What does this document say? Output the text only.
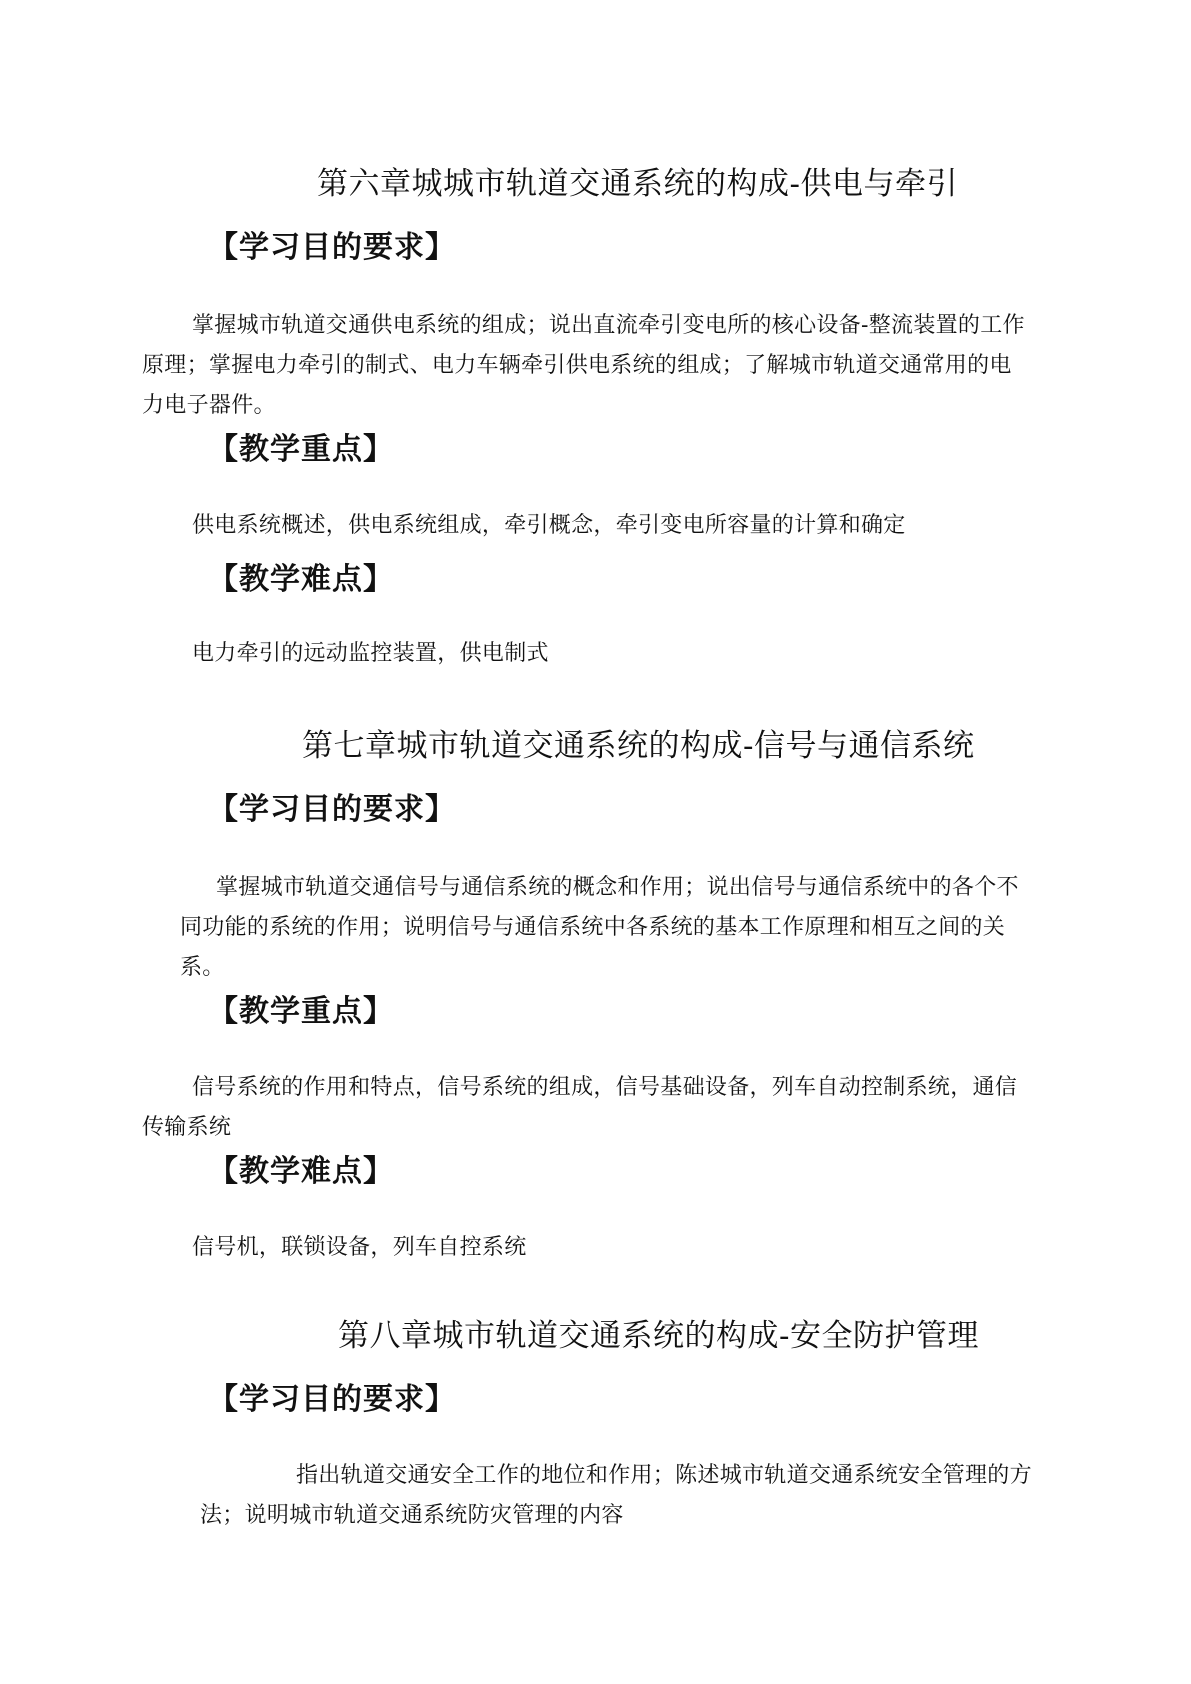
第六章城城市轨道交通系统的构成-供电与牵引
【学习目的要求】
掌握城市轨道交通供电系统的组成；说出直流牵引变电所的核心设备-整流装置的工作
原理；掌握电力牵引的制式、电力车辆牵引供电系统的组成；了解城市轨道交通常用的电
力电子器件。
【教学重点】
供电系统概述，供电系统组成，牵引概念，牵引变电所容量的计算和确定
【教学难点】
电力牵引的远动监控装置，供电制式
第七章城市轨道交通系统的构成-信号与通信系统
【学习目的要求】
掌握城市轨道交通信号与通信系统的概念和作用；说出信号与通信系统中的各个不
同功能的系统的作用；说明信号与通信系统中各系统的基本工作原理和相互之间的关
系。
【教学重点】
信号系统的作用和特点，信号系统的组成，信号基础设备，列车自动控制系统，通信
传输系统
【教学难点】
信号机，联锁设备，列车自控系统
第八章城市轨道交通系统的构成-安全防护管理
【学习目的要求】
指出轨道交通安全工作的地位和作用；陈述城市轨道交通系统安全管理的方
法；说明城市轨道交通系统防灾管理的内容
